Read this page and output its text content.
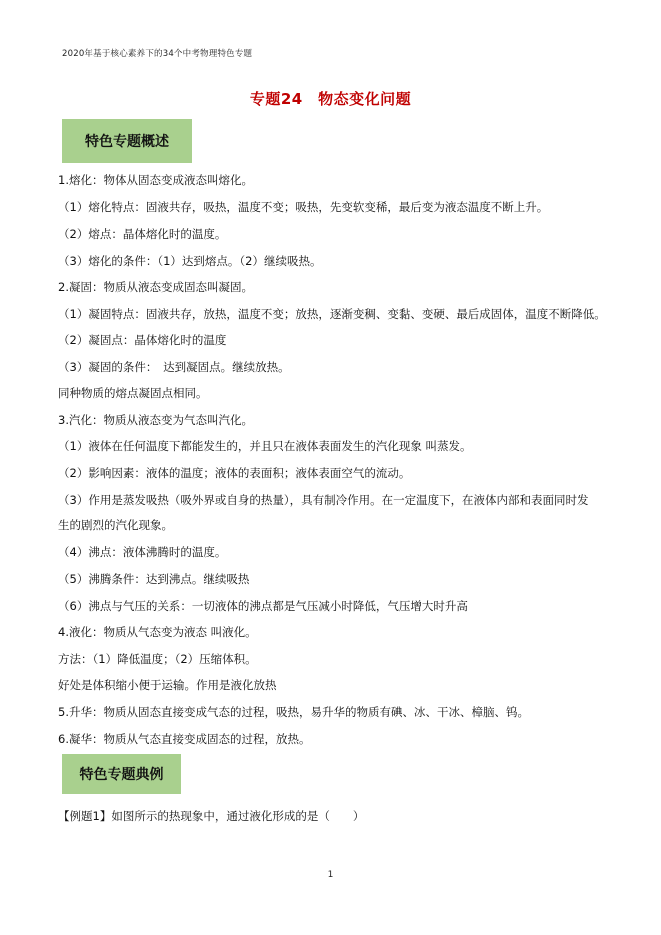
2020年基于核心素养下的34个中考物理特色专题
专题24　物态变化问题
特色专题概述
1.熔化：物体从固态变成液态叫熔化。
（1）熔化特点：固液共存，吸热，温度不变；吸热，先变软变稀，最后变为液态温度不断上升。
（2）熔点：晶体熔化时的温度。
（3）熔化的条件：（1）达到熔点。（2）继续吸热。
2.凝固：物质从液态变成固态叫凝固。
（1）凝固特点：固液共存，放热，温度不变；放热，逐渐变稠、变黏、变硬、最后成固体，温度不断降低。
（2）凝固点：晶体熔化时的温度
（3）凝固的条件：　达到凝固点。继续放热。
同种物质的熔点凝固点相同。
3.汽化：物质从液态变为气态叫汽化。
（1）液体在任何温度下都能发生的，并且只在液体表面发生的汽化现象 叫蒸发。
（2）影响因素：液体的温度；液体的表面积；液体表面空气的流动。
（3）作用是蒸发吸热（吸外界或自身的热量），具有制冷作用。在一定温度下，在液体内部和表面同时发
生的剧烈的汽化现象。
（4）沸点：液体沸腾时的温度。
（5）沸腾条件：达到沸点。继续吸热
（6）沸点与气压的关系：一切液体的沸点都是气压减小时降低，气压增大时升高
4.液化：物质从气态变为液态 叫液化。
方法：（1）降低温度；（2）压缩体积。
好处是体积缩小便于运输。作用是液化放热
5.升华：物质从固态直接变成气态的过程，吸热，易升华的物质有碘、冰、干冰、樟脑、钨。
6.凝华：物质从气态直接变成固态的过程，放热。
特色专题典例
【例题1】如图所示的热现象中，通过液化形成的是（　　）
1
